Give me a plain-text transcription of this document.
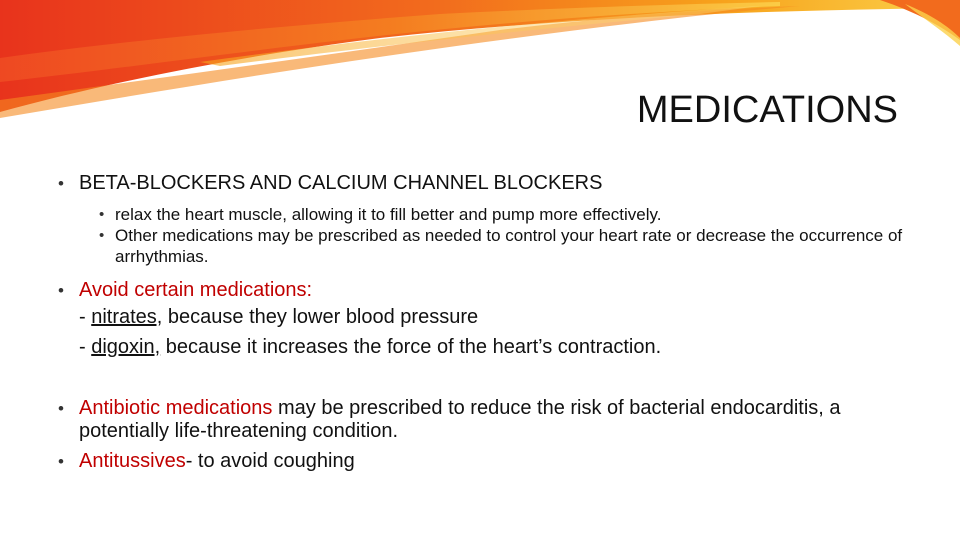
MEDICATIONS

• BETA-BLOCKERS AND CALCIUM CHANNEL BLOCKERS

• relax the heart muscle, allowing it to fill better and pump more effectively.

• Other medications may be prescribed as needed to control your heart rate or decrease the occurrence of arrhythmias.

• Avoid certain medications:

- nitrates, because they lower blood pressure

- digoxin, because it increases the force of the heart’s contraction.

• Antibiotic medications may be prescribed to reduce the risk of bacterial endocarditis, a potentially life-threatening condition.

• Antitussives- to avoid coughing
